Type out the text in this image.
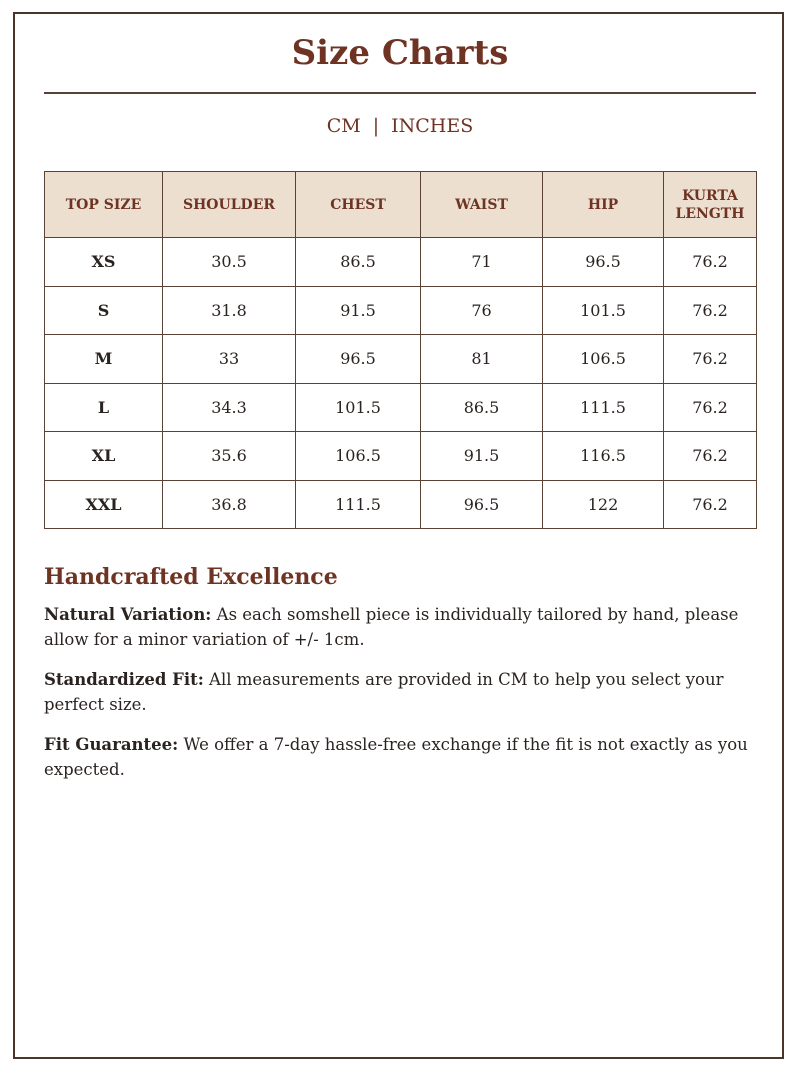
Size Charts
CM | INCHES
TOP SIZE	SHOULDER	CHEST	WAIST	HIP	KURTA LENGTH
XS	30.5	86.5	71	96.5	76.2
S	31.8	91.5	76	101.5	76.2
M	33	96.5	81	106.5	76.2
L	34.3	101.5	86.5	111.5	76.2
XL	35.6	106.5	91.5	116.5	76.2
XXL	36.8	111.5	96.5	122	76.2
Handcrafted Excellence
Natural Variation: As each somshell piece is individually tailored by hand, please allow for a minor variation of +/- 1cm.
Standardized Fit: All measurements are provided in CM to help you select your perfect size.
Fit Guarantee: We offer a 7-day hassle-free exchange if the fit is not exactly as you expected.
